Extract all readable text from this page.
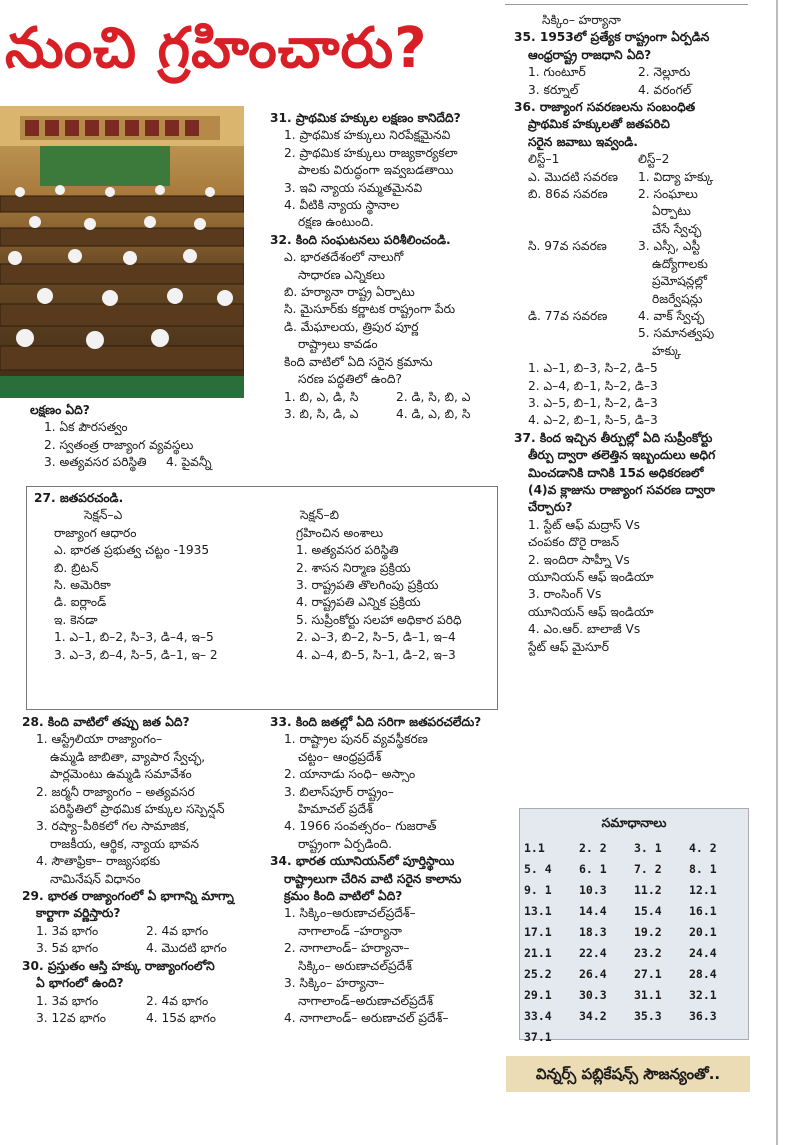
నుంచి గ్రహించారు?

లక్షణం ఏది?

1. ఏక పౌరసత్వం

2. స్వతంత్ర రాజ్యాంగ వ్యవస్థలు

3. అత్యవసర పరిస్థితి	4. పైవన్నీ

27. జతపరచండి.

సెక్షన్–ఎ	సెక్షన్–బి
రాజ్యాంగ ఆధారం	గ్రహించిన అంశాలు
ఎ. భారత ప్రభుత్వ చట్టం -1935	1. అత్యవసర పరిస్థితి
బి. బ్రిటన్	2. శాసన నిర్మాణ ప్రక్రియ
సి. అమెరికా	3. రాష్ట్రపతి తొలగింపు ప్రక్రియ
డి. ఐర్లాండ్	4. రాష్ట్రపతి ఎన్నిక ప్రక్రియ
ఇ. కెనడా	5. సుప్రీంకోర్టు సలహా అధికార పరిధి
1. ఎ–1, బి–2, సి–3, డి–4, ఇ–5	2. ఎ–3, బి–2, సి–5, డి–1, ఇ–4
3. ఎ–3, బి–4, సి–5, డి–1, ఇ– 2	4. ఎ–4, బి–5, సి–1, డి–2, ఇ–3

28. కింది వాటిలో తప్పు జత ఏది?

1. ఆస్ట్రేలియా రాజ్యాంగం–

ఉమ్మడి జాబితా, వ్యాపార స్వేచ్ఛ,

పార్లమెంటు ఉమ్మడి సమావేశం

2. జర్మనీ రాజ్యాంగం – అత్యవసర

పరిస్థితిలో ప్రాథమిక హక్కుల సస్పెన్షన్

3. రష్యా–పీఠికలో గల సామాజిక,

రాజకీయ, ఆర్థిక, న్యాయ భావన

4. సౌతాఫ్రికా– రాజ్యసభకు

నామినేషన్ విధానం

29. భారత రాజ్యాంగంలో ఏ భాగాన్ని మాగ్నా

కార్టాగా వర్ణిస్తారు?

1. 3వ భాగం	2. 4వ భాగం
3. 5వ భాగం	4. మొదటి భాగం

30. ప్రస్తుతం ఆస్తి హక్కు రాజ్యాంగంలోని

ఏ భాగంలో ఉంది?

1. 3వ భాగం	2. 4వ భాగం
3. 12వ భాగం	4. 15వ భాగం

31. ప్రాథమిక హక్కుల లక్షణం కానిదేది?

1. ప్రాథమిక హక్కులు నిరపేక్షమైనవి

2. ప్రాథమిక హక్కులు రాజ్యకార్యకలా

పాలకు విరుద్ధంగా ఇవ్వబడతాయి

3. ఇవి న్యాయ సమ్మతమైనవి

4. వీటికి న్యాయ స్థానాల

రక్షణ ఉంటుంది.

32. కింది సంఘటనలు పరిశీలించండి.

ఎ. భారతదేశంలో నాలుగో

సాధారణ ఎన్నికలు

బి. హర్యానా రాష్ట్ర ఏర్పాటు

సి. మైసూర్‌కు కర్ణాటక రాష్ట్రంగా పేరు

డి. మేఘాలయ, త్రిపుర పూర్ణ

రాష్ట్రాలు కావడం

కింది వాటిలో ఏది సరైన క్రమాను

సరణ పద్ధతిలో ఉంది?

1. బి, ఎ, డి, సి	2. డి, సి, బి, ఎ
3. బి, సి, డి, ఎ	4. డి, ఎ, బి, సి

33. కింది జతల్లో ఏది సరిగా జతపరచలేదు?

1. రాష్ట్రాల పునర్ వ్యవస్థీకరణ

చట్టం– ఆంధ్రప్రదేశ్

2. యానాడు సంధి– అస్సాం

3. బిలాస్‌పూర్ రాష్ట్రం–

హిమాచల్ ప్రదేశ్

4. 1966 సంవత్సరం– గుజరాత్

రాష్ట్రంగా ఏర్పడింది.

34. భారత యూనియన్‌లో పూర్తిస్థాయి

రాష్ట్రాలుగా చేరిన వాటి సరైన కాలాను

క్రమం కింది వాటిలో ఏది?

1. సిక్కిం–అరుణాచల్‌ప్రదేశ్–

నాగాలాండ్ –హర్యానా

2. నాగాలాండ్– హర్యానా–

సిక్కిం– అరుణాచల్‌ప్రదేశ్

3. సిక్కిం– హర్యానా–

నాగాలాండ్–అరుణాచల్‌ప్రదేశ్

4. నాగాలాండ్– అరుణాచల్ ప్రదేశ్–

సిక్కిం– హర్యానా

35. 1953లో ప్రత్యేక రాష్ట్రంగా ఏర్పడిన

ఆంధ్రరాష్ట్ర రాజధాని ఏది?

1. గుంటూర్	2. నెల్లూరు
3. కర్నూల్	4. వరంగల్

36. రాజ్యాంగ సవరణలను సంబంధిత

ప్రాథమిక హక్కులతో జతపరిచి

సరైన జవాబు ఇవ్వండి.

లిస్ట్–1	లిస్ట్–2
ఎ. మొదటి సవరణ	1. విద్యా హక్కు
బి. 86వ సవరణ	2. సంఘాలు

ఏర్పాటు

చేసే స్వేచ్ఛ

సి. 97వ సవరణ	3. ఎస్సీ, ఎస్టీ

ఉద్యోగాలకు

ప్రమోషన్లల్లో

రిజర్వేషన్లు

డి. 77వ సవరణ	4. వాక్ స్వేచ్ఛ

5. సమానత్వపు

హక్కు

1. ఎ–1, బి–3, సి–2, డి–5

2. ఎ–4, బి–1, సి–2, డి–3

3. ఎ–5, బి–1, సి–2, డి–3

4. ఎ–2, బి–1, సి–5, డి–3

37. కింద ఇచ్చిన తీర్పుల్లో ఏది సుప్రీంకోర్టు

తీర్పు ద్వారా తలెత్తిన ఇబ్బందులు అధిగ

మించడానికి దానికి 15వ అధికరణలో

(4)వ క్లాజును రాజ్యాంగ సవరణ ద్వారా

చేర్చారు?

1. స్టేట్ ఆఫ్ మద్రాస్ Vs

చంపకం దొరై రాజన్

2. ఇందిరా సాహ్నీ Vs

యూనియన్ ఆఫ్ ఇండియా

3. రాంసింగ్ Vs

యూనియన్ ఆఫ్ ఇండియా

4. ఎం.ఆర్. బాలాజీ Vs

స్టేట్ ఆఫ్ మైసూర్

సమాధానాలు
1.1	2. 2	3. 1	4. 2
5. 4	6. 1	7. 2	8. 1
9. 1	10.3	11.2	12.1
13.1	14.4	15.4	16.1
17.1	18.3	19.2	20.1
21.1	22.4	23.2	24.4
25.2	26.4	27.1	28.4
29.1	30.3	31.1	32.1
33.4	34.2	35.3	36.3
37.1
విన్నర్స్ పబ్లికేషన్స్ సౌజన్యంతో..
